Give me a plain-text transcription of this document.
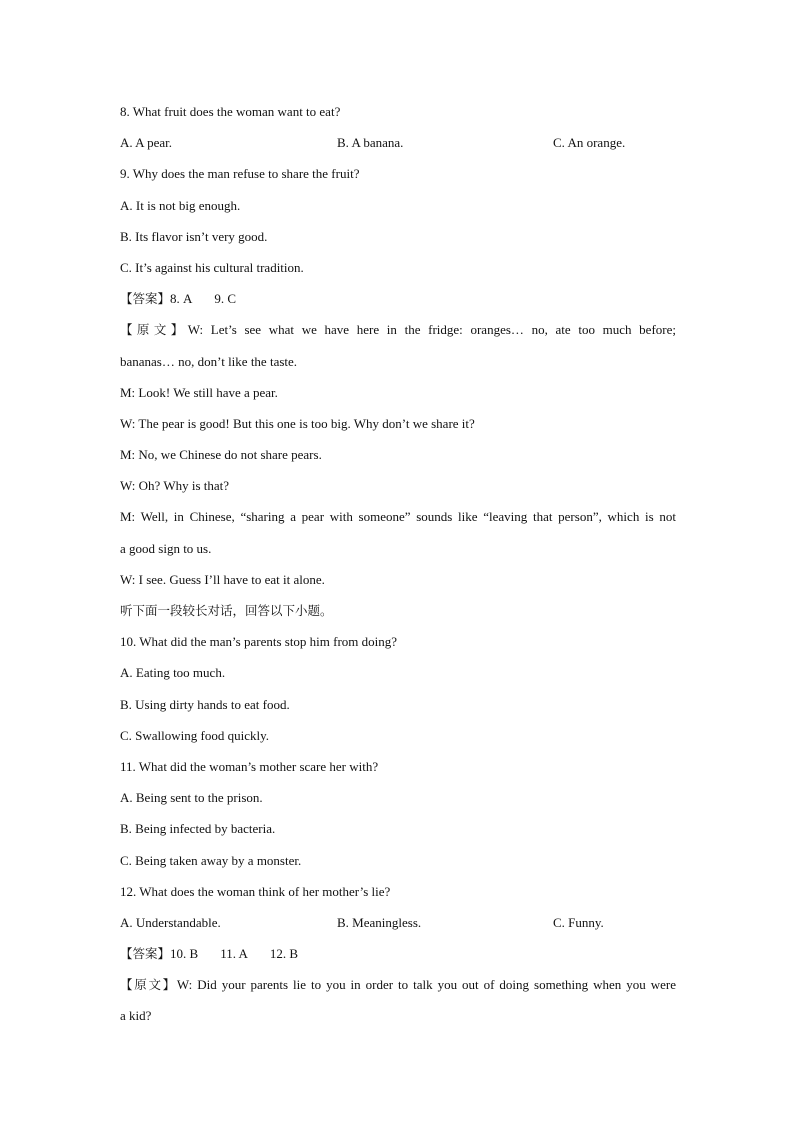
8. What fruit does the woman want to eat?
A. A pear.	B. A banana.	C. An orange.
9. Why does the man refuse to share the fruit?
A. It is not big enough.
B. Its flavor isn’t very good.
C. It’s against his cultural tradition.
【答案】8. A 9. C
【原文】W: Let’s see what we have here in the fridge: oranges… no, ate too much before;
bananas… no, don’t like the taste.
M: Look! We still have a pear.
W: The pear is good! But this one is too big. Why don’t we share it?
M: No, we Chinese do not share pears.
W: Oh? Why is that?
M: Well, in Chinese, “sharing a pear with someone” sounds like “leaving that person”, which is not
a good sign to us.
W: I see. Guess I’ll have to eat it alone.
听下面一段较长对话，回答以下小题。
10. What did the man’s parents stop him from doing?
A. Eating too much.
B. Using dirty hands to eat food.
C. Swallowing food quickly.
11. What did the woman’s mother scare her with?
A. Being sent to the prison.
B. Being infected by bacteria.
C. Being taken away by a monster.
12. What does the woman think of her mother’s lie?
A. Understandable.	B. Meaningless.	C. Funny.
【答案】10. B 11. A 12. B
【原文】W: Did your parents lie to you in order to talk you out of doing something when you were
a kid?
